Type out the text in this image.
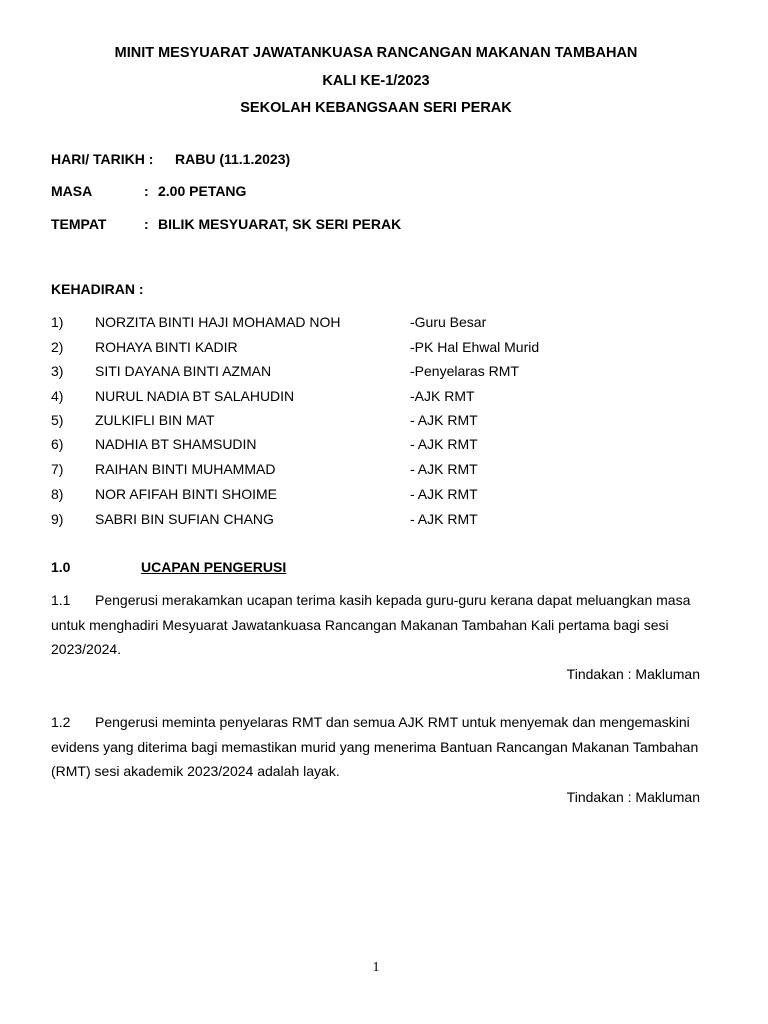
MINIT MESYUARAT JAWATANKUASA RANCANGAN MAKANAN TAMBAHAN
KALI KE-1/2023
SEKOLAH KEBANGSAAN SERI PERAK
HARI/ TARIKH : RABU (11.1.2023)
MASA	: 2.00 PETANG
TEMPAT	: BILIK MESYUARAT, SK SERI PERAK
KEHADIRAN :
1) NORZITA BINTI HAJI MOHAMAD NOH	-Guru Besar
2) ROHAYA BINTI KADIR	-PK Hal Ehwal Murid
3) SITI DAYANA BINTI AZMAN	-Penyelaras RMT
4) NURUL NADIA BT SALAHUDIN	-AJK RMT
5) ZULKIFLI BIN MAT	- AJK RMT
6) NADHIA BT SHAMSUDIN	- AJK RMT
7) RAIHAN BINTI MUHAMMAD	- AJK RMT
8) NOR AFIFAH BINTI SHOIME	- AJK RMT
9) SABRI BIN SUFIAN CHANG	- AJK RMT
1.0	UCAPAN PENGERUSI

1.1 Pengerusi merakamkan ucapan terima kasih kepada guru-guru kerana dapat meluangkan masa untuk menghadiri Mesyuarat Jawatankuasa Rancangan Makanan Tambahan Kali pertama bagi sesi 2023/2024.

Tindakan : Makluman

1.2 Pengerusi meminta penyelaras RMT dan semua AJK RMT untuk menyemak dan mengemaskini evidens yang diterima bagi memastikan murid yang menerima Bantuan Rancangan Makanan Tambahan (RMT) sesi akademik 2023/2024 adalah layak.

Tindakan : Makluman
1
